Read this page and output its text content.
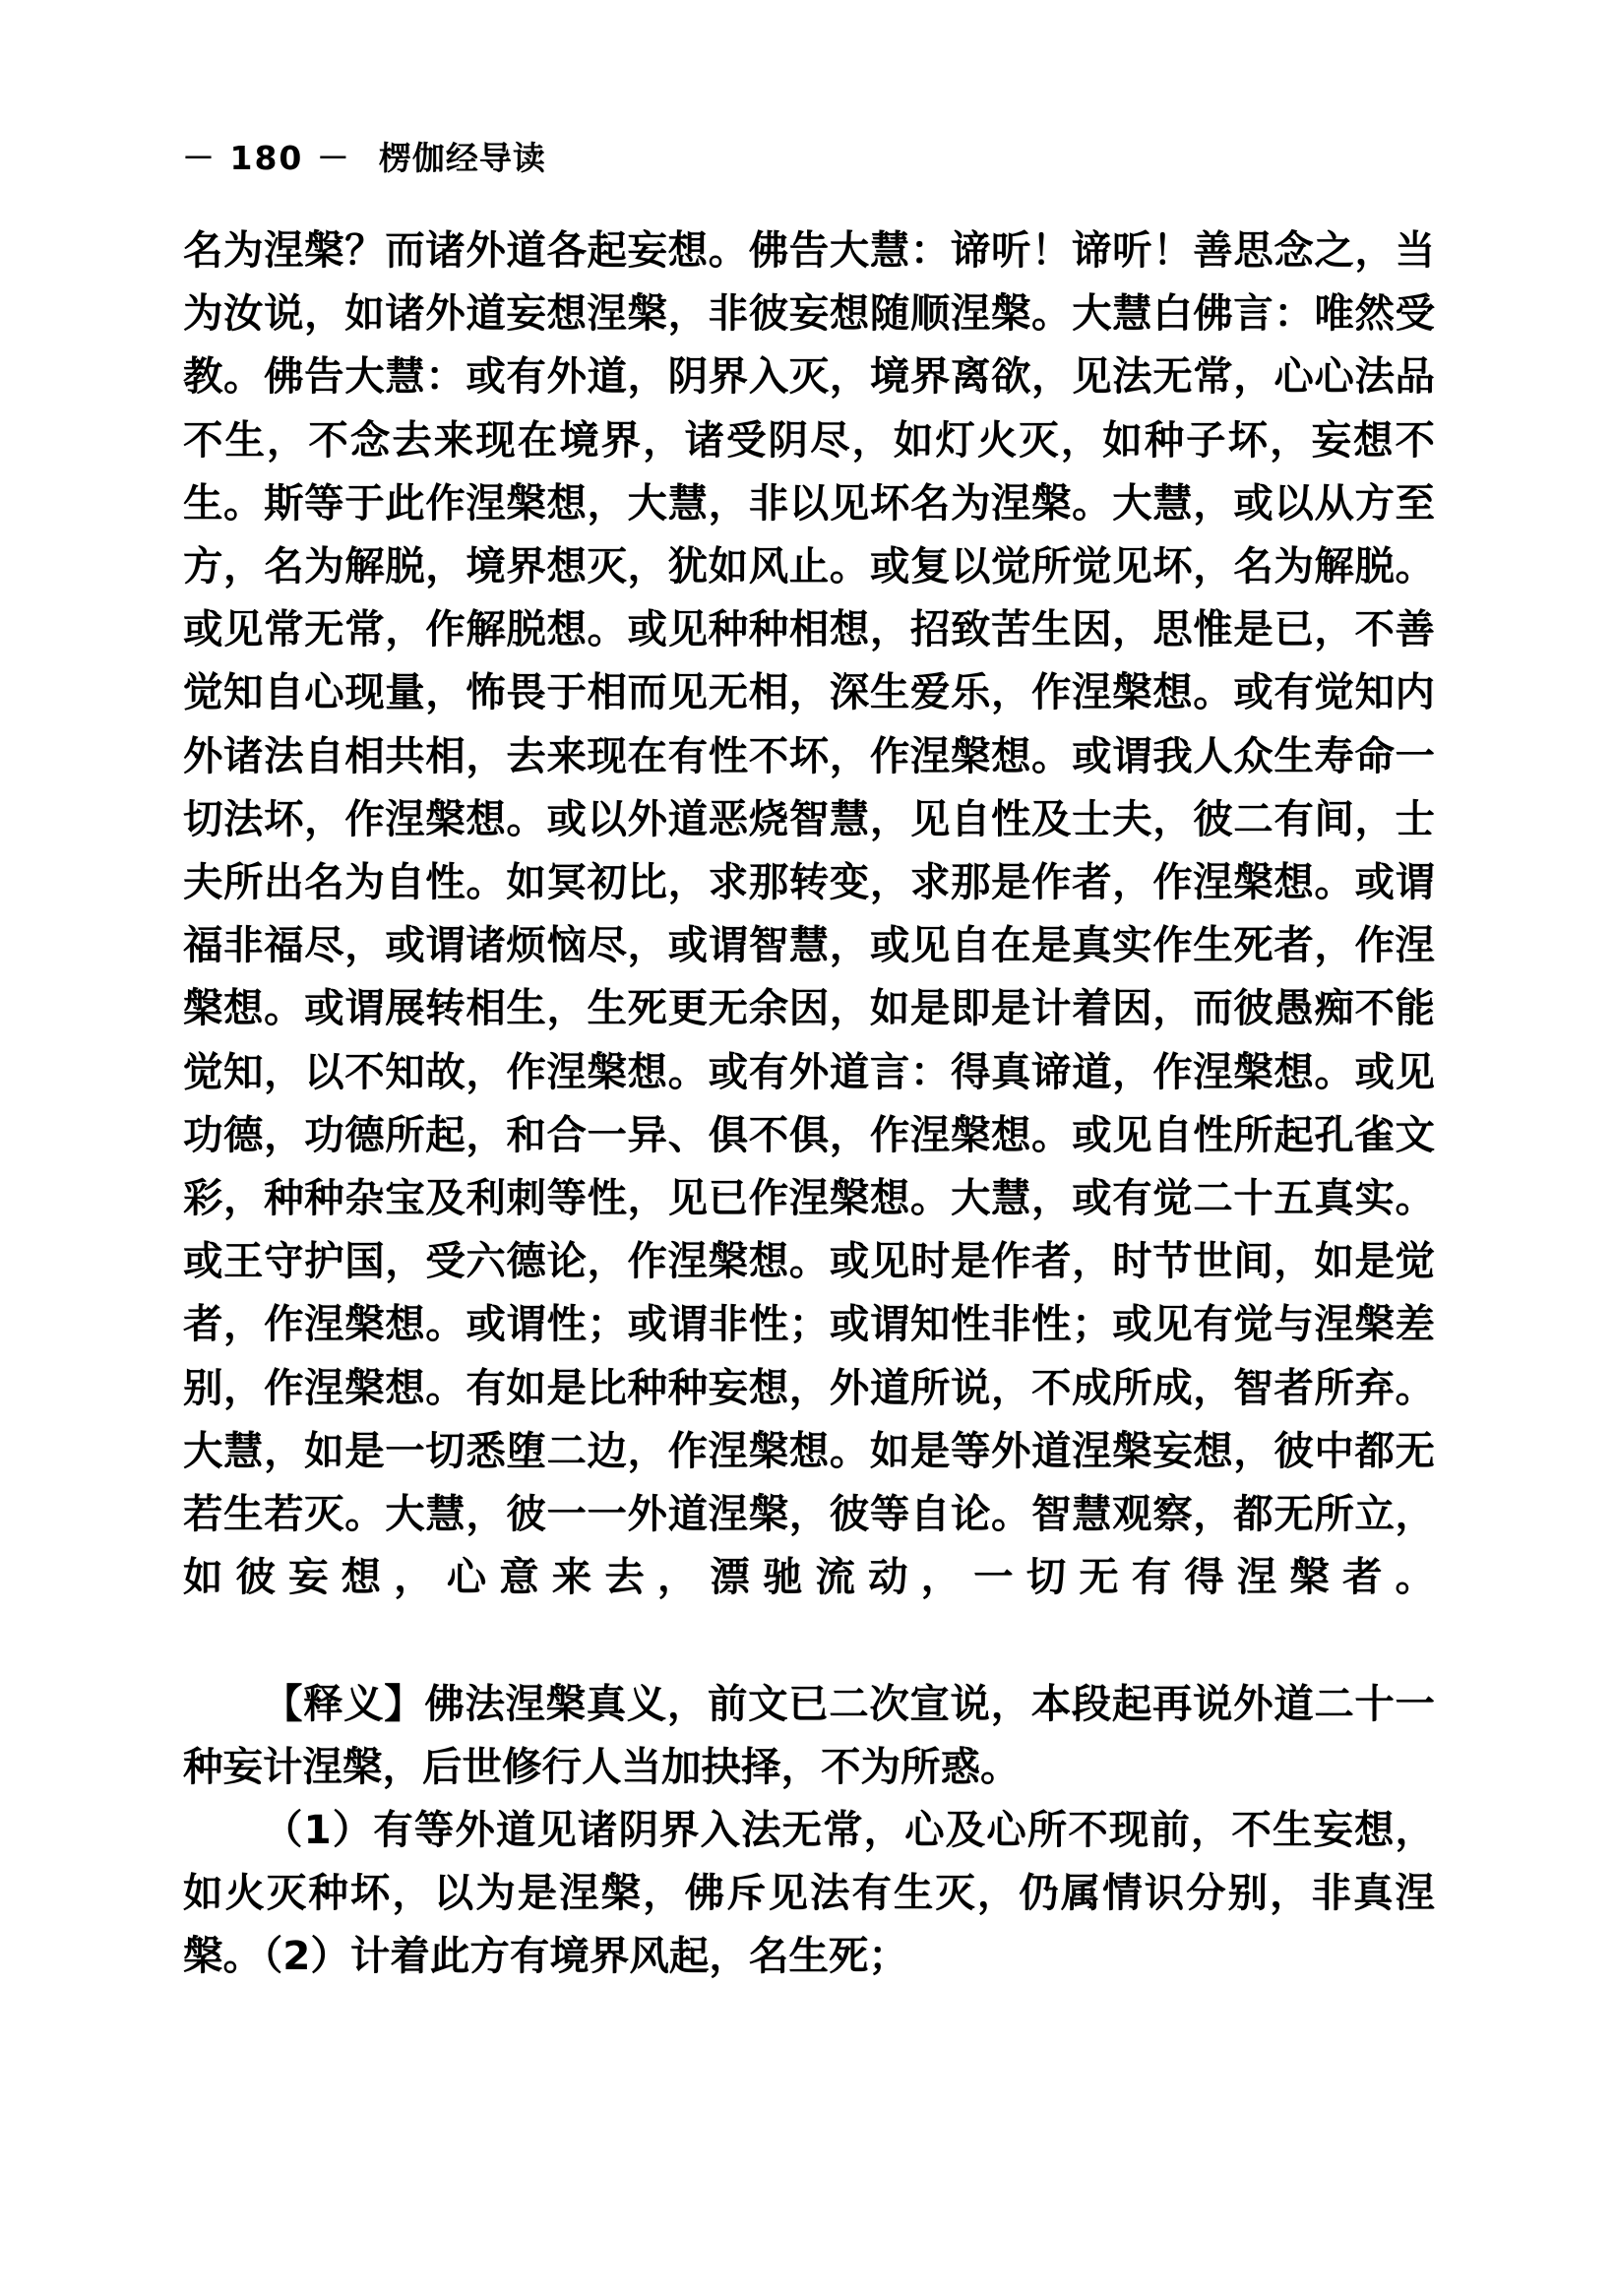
－ 180 － 楞伽经导读

名为涅槃？而诸外道各起妄想。佛告大慧：谛听！谛听！善思念之，当为汝说，如诸外道妄想涅槃，非彼妄想随顺涅槃。大慧白佛言：唯然受教。佛告大慧：或有外道，阴界入灭，境界离欲，见法无常，心心法品不生，不念去来现在境界，诸受阴尽，如灯火灭，如种子坏，妄想不生。斯等于此作涅槃想，大慧，非以见坏名为涅槃。大慧，或以从方至方，名为解脱，境界想灭，犹如风止。或复以觉所觉见坏，名为解脱。或见常无常，作解脱想。或见种种相想，招致苦生因，思惟是已，不善觉知自心现量，怖畏于相而见无相，深生爱乐，作涅槃想。或有觉知内外诸法自相共相，去来现在有性不坏，作涅槃想。或谓我人众生寿命一切法坏，作涅槃想。或以外道恶烧智慧，见自性及士夫，彼二有间，士夫所出名为自性。如冥初比，求那转变，求那是作者，作涅槃想。或谓福非福尽，或谓诸烦恼尽，或谓智慧，或见自在是真实作生死者，作涅槃想。或谓展转相生，生死更无余因，如是即是计着因，而彼愚痴不能觉知，以不知故，作涅槃想。或有外道言：得真谛道，作涅槃想。或见功德，功德所起，和合一异、俱不俱，作涅槃想。或见自性所起孔雀文彩，种种杂宝及利刺等性，见已作涅槃想。大慧，或有觉二十五真实。或王守护国，受六德论，作涅槃想。或见时是作者，时节世间，如是觉者，作涅槃想。或谓性；或谓非性；或谓知性非性；或见有觉与涅槃差别，作涅槃想。有如是比种种妄想，外道所说，不成所成，智者所弃。大慧，如是一切悉堕二边，作涅槃想。如是等外道涅槃妄想，彼中都无若生若灭。大慧，彼一一外道涅槃，彼等自论。智慧观察，都无所立，如彼妄想，心意来去，漂驰流动，一切无有得涅槃者。

【释义】佛法涅槃真义，前文已二次宣说，本段起再说外道二十一种妄计涅槃，后世修行人当加抉择，不为所惑。

（1）有等外道见诸阴界入法无常，心及心所不现前，不生妄想，如火灭种坏，以为是涅槃，佛斥见法有生灭，仍属情识分别，非真涅槃。（2）计着此方有境界风起，名生死；
